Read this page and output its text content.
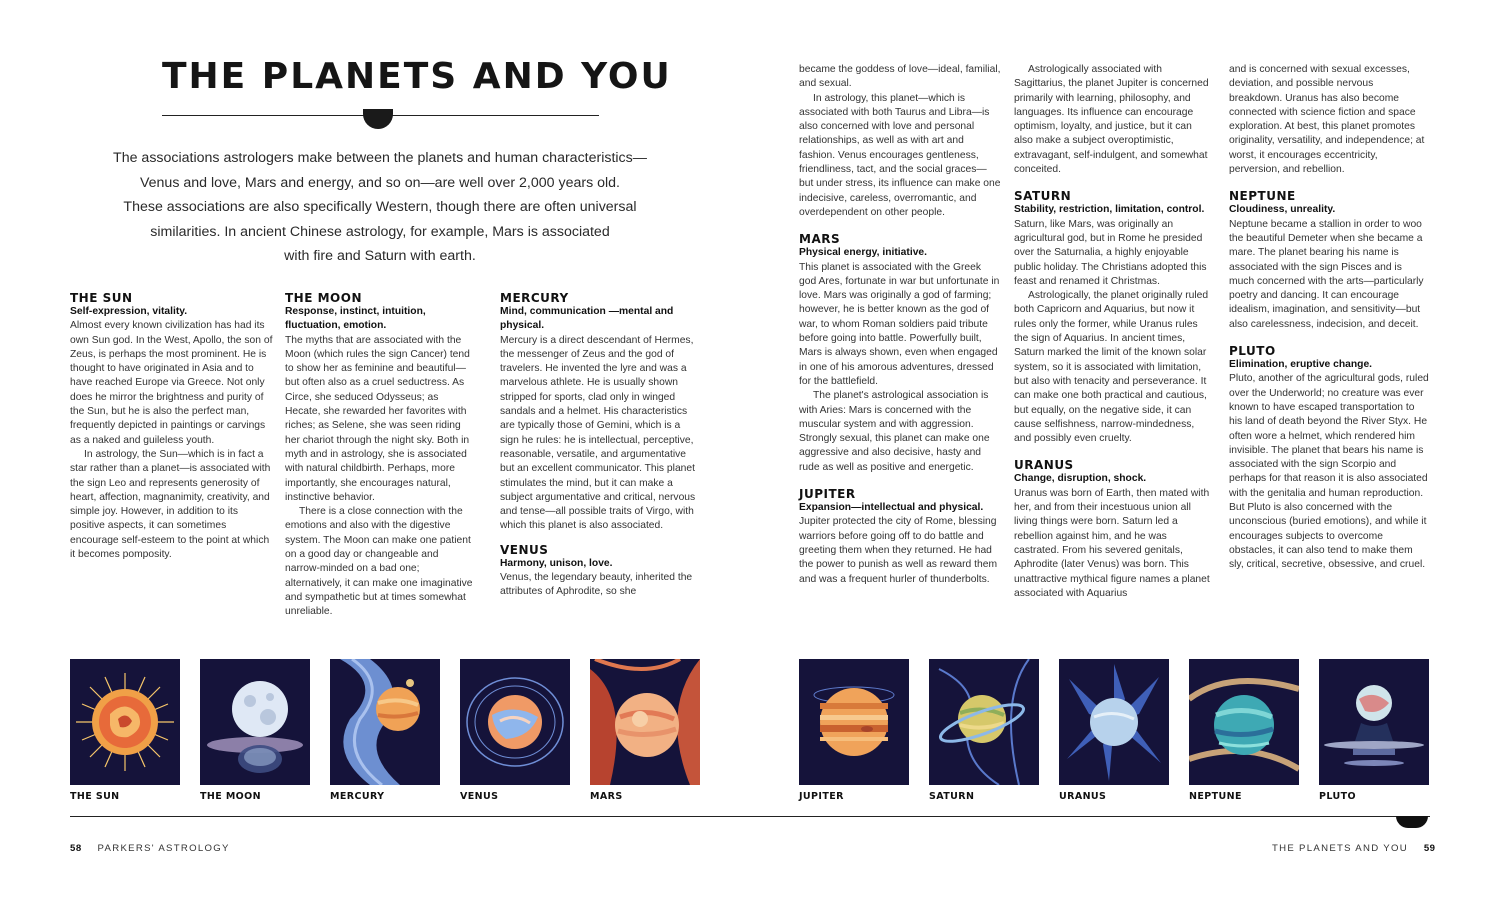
THE PLANETS AND YOU

The associations astrologers make between the planets and human characteristics—

Venus and love, Mars and energy, and so on—are well over 2,000 years old.

These associations are also specifically Western, though there are often universal

similarities. In ancient Chinese astrology, for example, Mars is associated

with fire and Saturn with earth.

THE SUN

Self-expression, vitality.

Almost every known civilization has had its own Sun god. In the West, Apollo, the son of Zeus, is perhaps the most prominent. He is thought to have originated in Asia and to have reached Europe via Greece. Not only does he mirror the brightness and purity of the Sun, but he is also the perfect man, frequently depicted in paintings or carvings as a naked and guileless youth.

In astrology, the Sun—which is in fact a star rather than a planet—is associated with the sign Leo and represents generosity of heart, affection, magnanimity, creativity, and simple joy. However, in addition to its positive aspects, it can sometimes encourage self-esteem to the point at which it becomes pomposity.

THE MOON

Response, instinct, intuition, fluctuation, emotion.

The myths that are associated with the Moon (which rules the sign Cancer) tend to show her as feminine and beautiful—but often also as a cruel seductress. As Circe, she seduced Odysseus; as Hecate, she rewarded her favorites with riches; as Selene, she was seen riding her chariot through the night sky. Both in myth and in astrology, she is associated with natural childbirth. Perhaps, more importantly, she encourages natural, instinctive behavior.

There is a close connection with the emotions and also with the digestive system. The Moon can make one patient on a good day or changeable and narrow-minded on a bad one; alternatively, it can make one imaginative and sympathetic but at times somewhat unreliable.

MERCURY

Mind, communication —mental and physical.

Mercury is a direct descendant of Hermes, the messenger of Zeus and the god of travelers. He invented the lyre and was a marvelous athlete. He is usually shown stripped for sports, clad only in winged sandals and a helmet. His characteristics are typically those of Gemini, which is a sign he rules: he is intellectual, perceptive, reasonable, versatile, and argumentative but an excellent communicator. This planet stimulates the mind, but it can make a subject argumentative and critical, nervous and tense—all possible traits of Virgo, with which this planet is also associated.

VENUS

Harmony, unison, love.

Venus, the legendary beauty, inherited the attributes of Aphrodite, so she

became the goddess of love—ideal, familial, and sexual.

In astrology, this planet—which is associated with both Taurus and Libra—is also concerned with love and personal relationships, as well as with art and fashion. Venus encourages gentleness, friendliness, tact, and the social graces—but under stress, its influence can make one indecisive, careless, overromantic, and overdependent on other people.

MARS

Physical energy, initiative.

This planet is associated with the Greek god Ares, fortunate in war but unfortunate in love. Mars was originally a god of farming; however, he is better known as the god of war, to whom Roman soldiers paid tribute before going into battle. Powerfully built, Mars is always shown, even when engaged in one of his amorous adventures, dressed for the battlefield.

The planet's astrological association is with Aries: Mars is concerned with the muscular system and with aggression. Strongly sexual, this planet can make one aggressive and also decisive, hasty and rude as well as positive and energetic.

JUPITER

Expansion—intellectual and physical.

Jupiter protected the city of Rome, blessing warriors before going off to do battle and greeting them when they returned. He had the power to punish as well as reward them and was a frequent hurler of thunderbolts.

Astrologically associated with Sagittarius, the planet Jupiter is concerned primarily with learning, philosophy, and languages. Its influence can encourage optimism, loyalty, and justice, but it can also make a subject overoptimistic, extravagant, self-indulgent, and somewhat conceited.

SATURN

Stability, restriction, limitation, control.

Saturn, like Mars, was originally an agricultural god, but in Rome he presided over the Saturnalia, a highly enjoyable public holiday. The Christians adopted this feast and renamed it Christmas.

Astrologically, the planet originally ruled both Capricorn and Aquarius, but now it rules only the former, while Uranus rules the sign of Aquarius. In ancient times, Saturn marked the limit of the known solar system, so it is associated with limitation, but also with tenacity and perseverance. It can make one both practical and cautious, but equally, on the negative side, it can cause selfishness, narrow-mindedness, and possibly even cruelty.

URANUS

Change, disruption, shock.

Uranus was born of Earth, then mated with her, and from their incestuous union all living things were born. Saturn led a rebellion against him, and he was castrated. From his severed genitals, Aphrodite (later Venus) was born. This unattractive mythical figure names a planet associated with Aquarius

and is concerned with sexual excesses, deviation, and possible nervous breakdown. Uranus has also become connected with science fiction and space exploration. At best, this planet promotes originality, versatility, and independence; at worst, it encourages eccentricity, perversion, and rebellion.

NEPTUNE

Cloudiness, unreality.

Neptune became a stallion in order to woo the beautiful Demeter when she became a mare. The planet bearing his name is associated with the sign Pisces and is much concerned with the arts—particularly poetry and dancing. It can encourage idealism, imagination, and sensitivity—but also carelessness, indecision, and deceit.

PLUTO

Elimination, eruptive change.

Pluto, another of the agricultural gods, ruled over the Underworld; no creature was ever known to have escaped transportation to his land of death beyond the River Styx. He often wore a helmet, which rendered him invisible. The planet that bears his name is associated with the sign Scorpio and perhaps for that reason it is also associated with the genitalia and human reproduction. But Pluto is also concerned with the unconscious (buried emotions), and while it encourages subjects to overcome obstacles, it can also tend to make them sly, critical, secretive, obsessive, and cruel.

THE SUN	THE MOON	MERCURY	VENUS	MARS	JUPITER	SATURN	URANUS	NEPTUNE	PLUTO
58 PARKERS' ASTROLOGY	THE PLANETS AND YOU 59
